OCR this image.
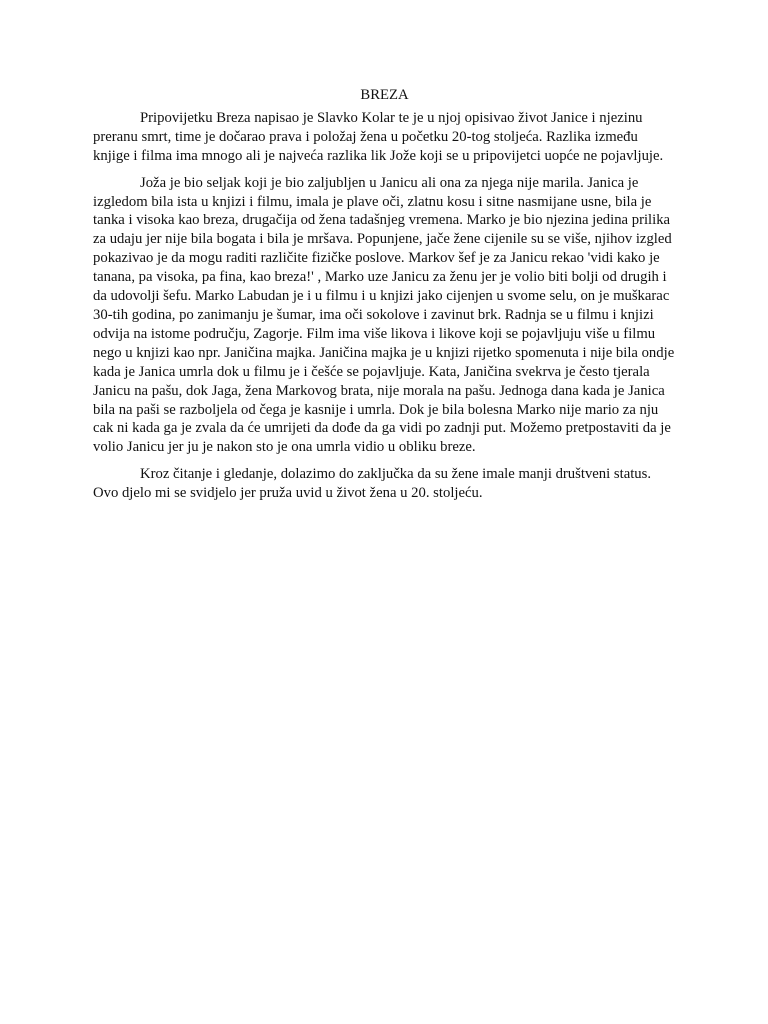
BREZA

Pripovijetku Breza napisao je Slavko Kolar te je u njoj opisivao život Janice i njezinu preranu smrt, time je dočarao prava i položaj žena u početku 20-tog stoljeća. Razlika između knjige i filma ima mnogo ali je najveća razlika lik Jože koji se u pripovijetci uopće ne pojavljuje.

Joža je bio seljak koji je bio zaljubljen u Janicu ali ona za njega nije marila. Janica je izgledom bila ista u knjizi i filmu, imala je plave oči, zlatnu kosu i sitne nasmijane usne, bila je tanka i visoka kao breza, drugačija od žena tadašnjeg vremena. Marko je bio njezina jedina prilika za udaju jer nije bila bogata i bila je mršava. Popunjene, jače žene cijenile su se više, njihov izgled pokazivao je da mogu raditi različite fizičke poslove. Markov šef je za Janicu rekao 'vidi kako je tanana, pa visoka, pa fina, kao breza!' , Marko uze Janicu za ženu jer je volio biti bolji od drugih i da udovolji šefu. Marko Labudan je i u filmu i u knjizi jako cijenjen u svome selu, on je muškarac 30-tih godina, po zanimanju je šumar, ima oči sokolove i zavinut brk. Radnja se u filmu i knjizi odvija na istome području, Zagorje. Film ima više likova i likove koji se pojavljuju više u filmu nego u knjizi kao npr. Janičina majka. Janičina majka je u knjizi rijetko spomenuta i nije bila ondje kada je Janica umrla dok u filmu je i češće se pojavljuje. Kata, Janičina svekrva je često tjerala Janicu na pašu, dok Jaga, žena Markovog brata, nije morala na pašu. Jednoga dana kada je Janica bila na paši se razboljela od čega je kasnije i umrla. Dok je bila bolesna Marko nije mario za nju cak ni kada ga je zvala da će umrijeti da dođe da ga vidi po zadnji put. Možemo pretpostaviti da je volio Janicu jer ju je nakon sto je ona umrla vidio u obliku breze.

Kroz čitanje i gledanje, dolazimo do zaključka da su žene imale manji društveni status. Ovo djelo mi se svidjelo jer pruža uvid u život žena u 20. stoljeću.
